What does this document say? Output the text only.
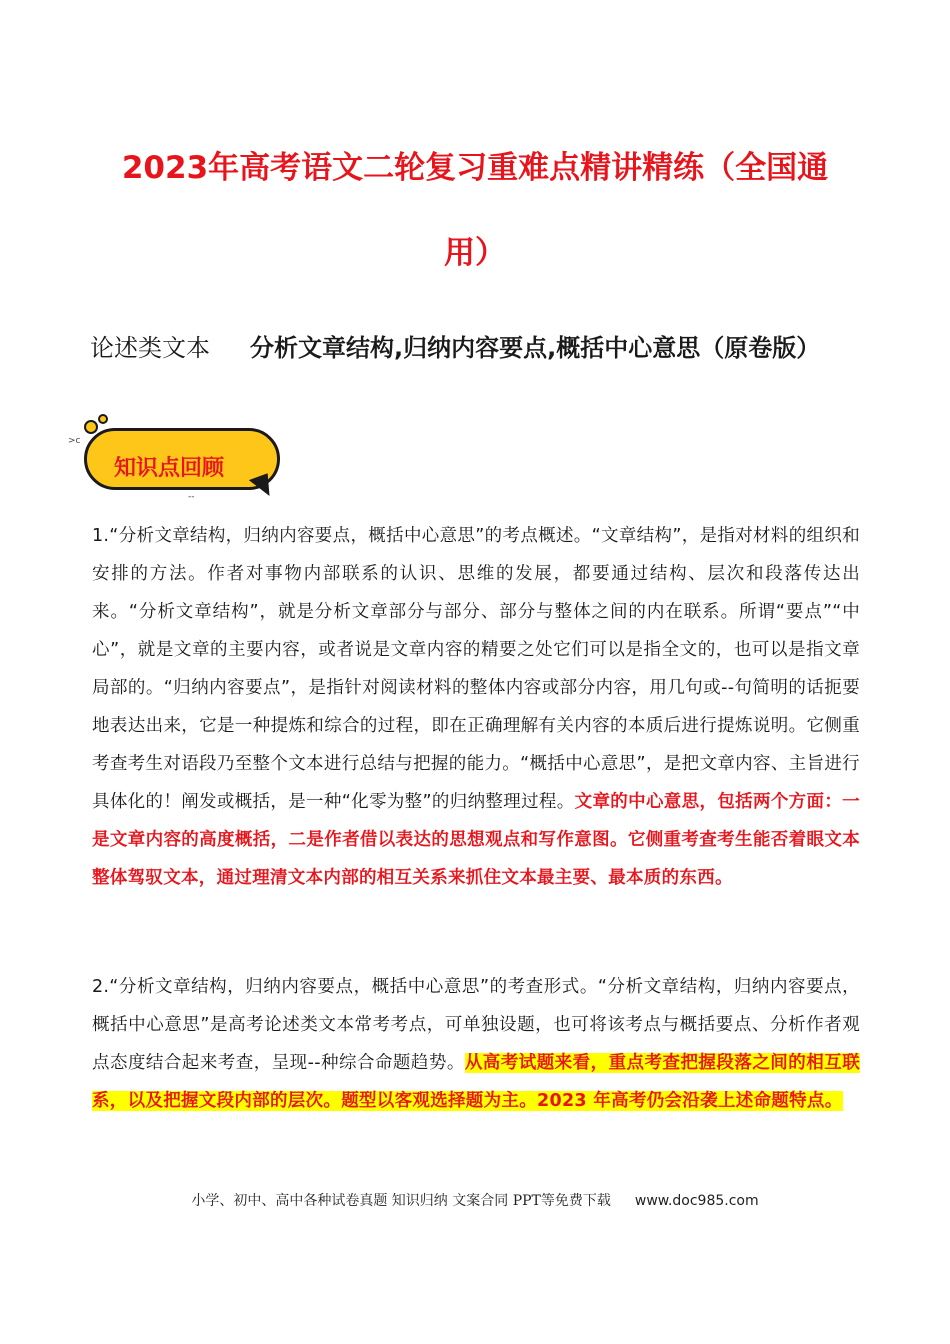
2023年高考语文二轮复习重难点精讲精练（全国通
用）
论述类文本 分析文章结构,归纳内容要点,概括中心意思（原卷版）
>c
知识点回顾
--
1.“分析文章结构，归纳内容要点，概括中心意思”的考点概述。“文章结构”，是指对材料的组织和安排的方法。作者对事物内部联系的认识、思维的发展，都要通过结构、层次和段落传达出来。“分析文章结构”，就是分析文章部分与部分、部分与整体之间的内在联系。所谓“要点”“中心”，就是文章的主要内容，或者说是文章内容的精要之处它们可以是指全文的，也可以是指文章局部的。“归纳内容要点”，是指针对阅读材料的整体内容或部分内容，用几句或--句简明的话扼要地表达出来，它是一种提炼和综合的过程，即在正确理解有关内容的本质后进行提炼说明。它侧重考查考生对语段乃至整个文本进行总结与把握的能力。“概括中心意思”，是把文章内容、主旨进行具体化的！阐发或概括，是一种“化零为整”的归纳整理过程。文章的中心意思，包括两个方面：一是文章内容的高度概括，二是作者借以表达的思想观点和写作意图。它侧重考查考生能否着眼文本整体驾驭文本，通过理清文本内部的相互关系来抓住文本最主要、最本质的东西。
2.“分析文章结构，归纳内容要点，概括中心意思”的考查形式。“分析文章结构，归纳内容要点，概括中心意思”是高考论述类文本常考考点，可单独设题，也可将该考点与概括要点、分析作者观点态度结合起来考查，呈现--种综合命题趋势。从高考试题来看，重点考查把握段落之间的相互联系，以及把握文段内部的层次。题型以客观选择题为主。2023 年高考仍会沿袭上述命题特点。
小学、初中、高中各种试卷真题 知识归纳 文案合同 PPT等免费下载 www.doc985.com
